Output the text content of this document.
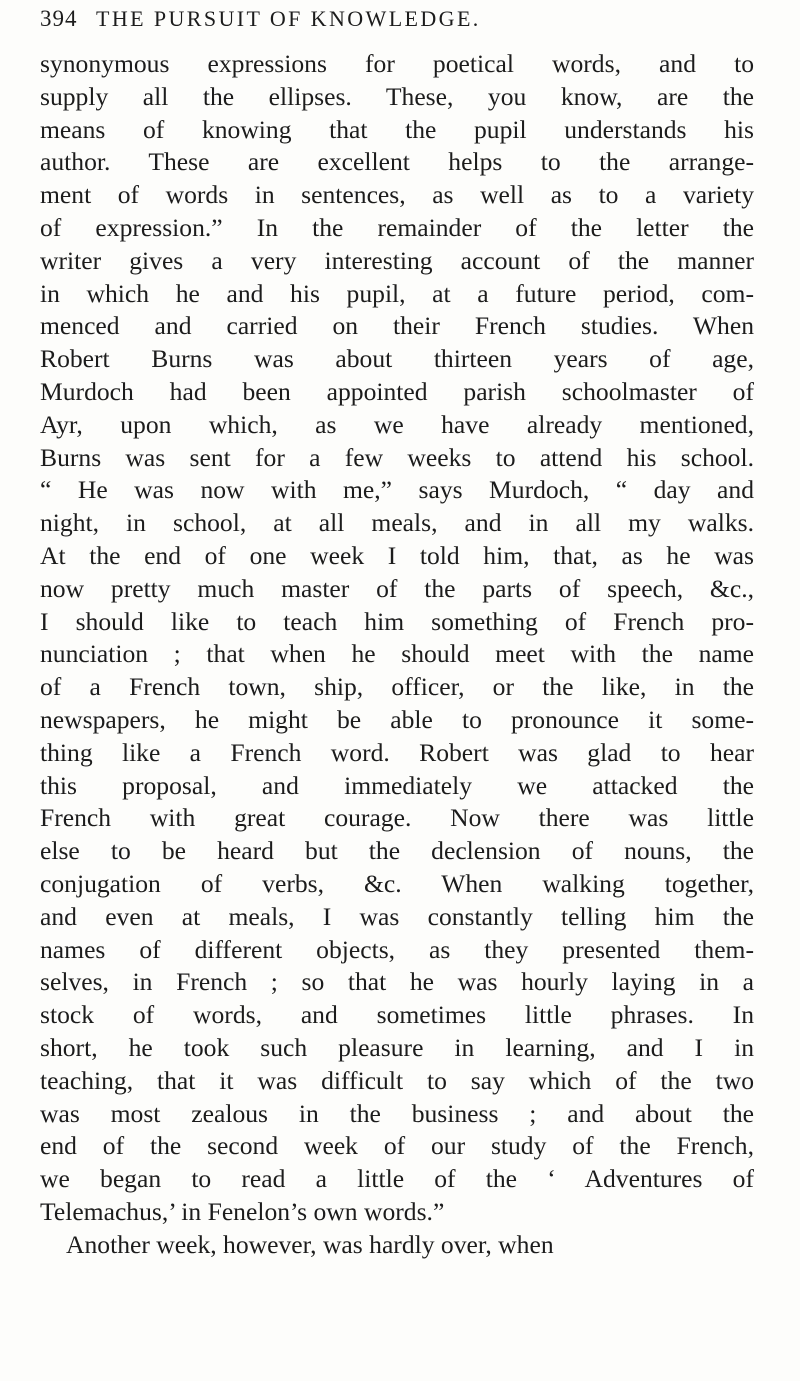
394 THE PURSUIT OF KNOWLEDGE.
synonymous expressions for poetical words, and to
supply all the ellipses. These, you know, are the
means of knowing that the pupil understands his
author. These are excellent helps to the arrange-
ment of words in sentences, as well as to a variety
of expression.” In the remainder of the letter the
writer gives a very interesting account of the manner
in which he and his pupil, at a future period, com-
menced and carried on their French studies. When
Robert Burns was about thirteen years of age,
Murdoch had been appointed parish schoolmaster of
Ayr, upon which, as we have already mentioned,
Burns was sent for a few weeks to attend his school.
“ He was now with me,” says Murdoch, “ day and
night, in school, at all meals, and in all my walks.
At the end of one week I told him, that, as he was
now pretty much master of the parts of speech, &c.,
I should like to teach him something of French pro-
nunciation ; that when he should meet with the name
of a French town, ship, officer, or the like, in the
newspapers, he might be able to pronounce it some-
thing like a French word. Robert was glad to hear
this proposal, and immediately we attacked the
French with great courage. Now there was little
else to be heard but the declension of nouns, the
conjugation of verbs, &c. When walking together,
and even at meals, I was constantly telling him the
names of different objects, as they presented them-
selves, in French ; so that he was hourly laying in a
stock of words, and sometimes little phrases. In
short, he took such pleasure in learning, and I in
teaching, that it was difficult to say which of the two
was most zealous in the business ; and about the
end of the second week of our study of the French,
we began to read a little of the ‘ Adventures of
Telemachus,’ in Fenelon’s own words.”
Another week, however, was hardly over, when
